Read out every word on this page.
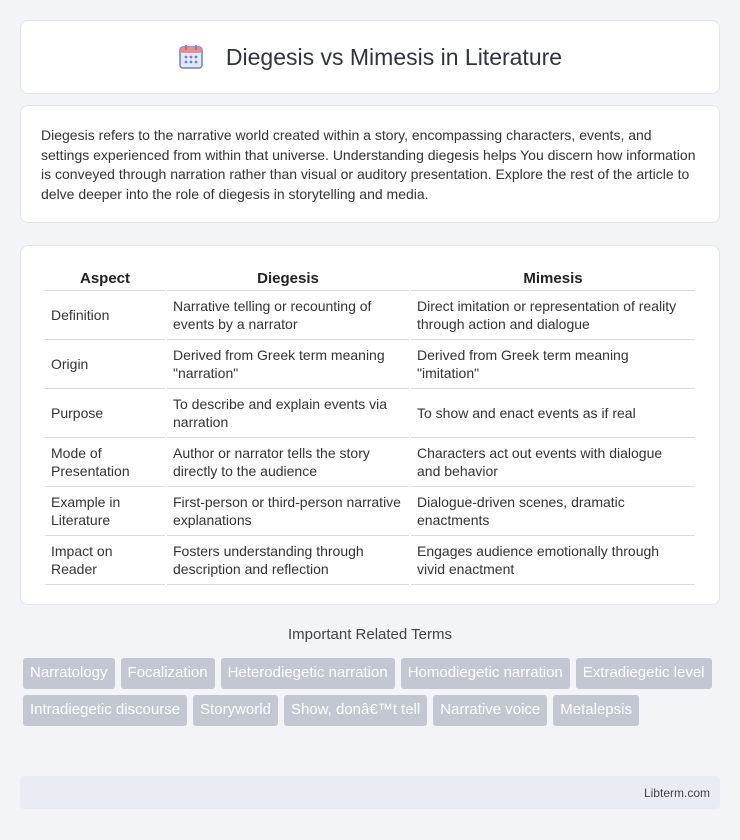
Diegesis vs Mimesis in Literature

Diegesis refers to the narrative world created within a story, encompassing characters, events, and settings experienced from within that universe. Understanding diegesis helps You discern how information is conveyed through narration rather than visual or auditory presentation. Explore the rest of the article to delve deeper into the role of diegesis in storytelling and media.

Aspect	Diegesis	Mimesis
Definition	Narrative telling or recounting of events by a narrator	Direct imitation or representation of reality through action and dialogue
Origin	Derived from Greek term meaning "narration"	Derived from Greek term meaning "imitation"
Purpose	To describe and explain events via narration	To show and enact events as if real
Mode of Presentation	Author or narrator tells the story directly to the audience	Characters act out events with dialogue and behavior
Example in Literature	First-person or third-person narrative explanations	Dialogue-driven scenes, dramatic enactments
Impact on Reader	Fosters understanding through description and reflection	Engages audience emotionally through vivid enactment
Important Related Terms
Narratology	Focalization	Heterodiegetic narration	Homodiegetic narration	Extradiegetic level
Intradiegetic discourse	Storyworld	Show, donâ€™t tell	Narrative voice	Metalepsis
Libterm.com
